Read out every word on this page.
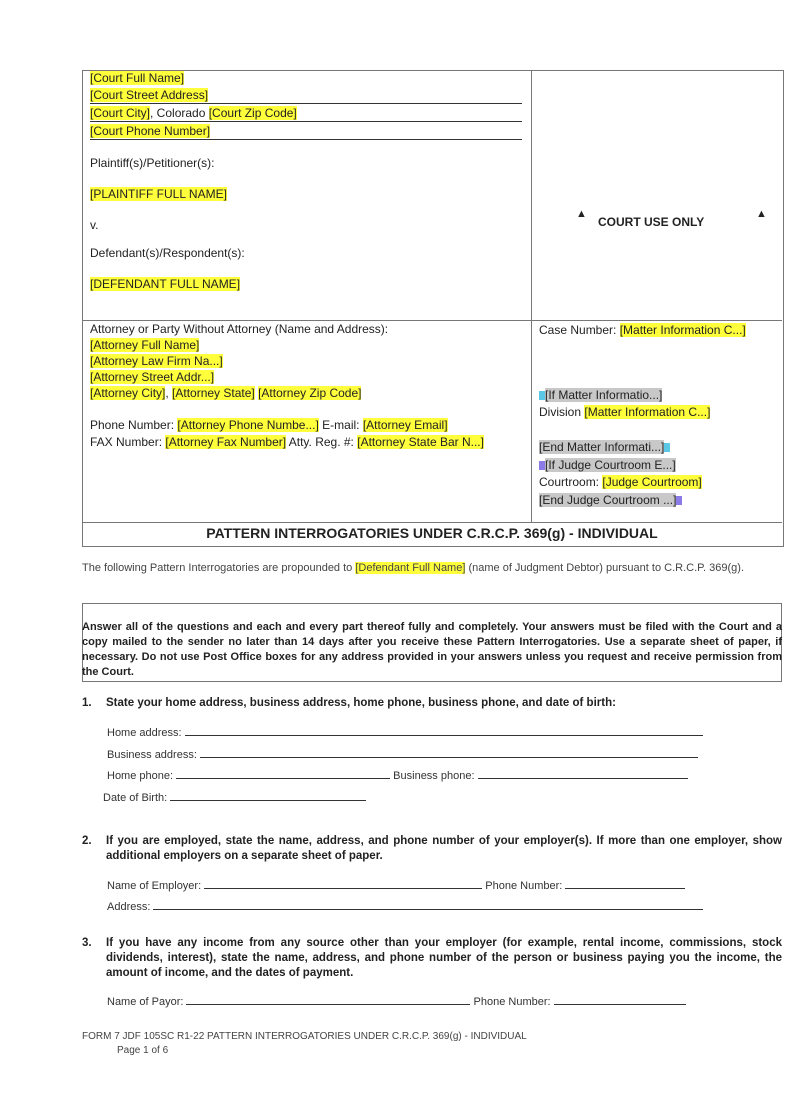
[Court Full Name]
[Court Street Address]
[Court City], Colorado [Court Zip Code]
[Court Phone Number]
Plaintiff(s)/Petitioner(s):
[PLAINTIFF FULL NAME]
v.
Defendant(s)/Respondent(s):
[DEFENDANT FULL NAME]
▲
COURT USE ONLY
▲
Attorney or Party Without Attorney (Name and Address):
[Attorney Full Name]
[Attorney Law Firm Na...]
[Attorney Street Addr...]
[Attorney City], [Attorney State] [Attorney Zip Code]
Phone Number: [Attorney Phone Numbe...] E-mail: [Attorney Email]
FAX Number: [Attorney Fax Number] Atty. Reg. #: [Attorney State Bar N...]
Case Number: [Matter Information C...]
[If Matter Informatio...]
Division [Matter Information C...]
[End Matter Informati...]
[If Judge Courtroom E...]
Courtroom: [Judge Courtroom]
[End Judge Courtroom ...]
PATTERN INTERROGATORIES UNDER C.R.C.P. 369(g) - INDIVIDUAL
The following Pattern Interrogatories are propounded to [Defendant Full Name] (name of Judgment Debtor) pursuant to C.R.C.P. 369(g).
Answer all of the questions and each and every part thereof fully and completely. Your answers must be filed with the Court and a copy mailed to the sender no later than 14 days after you receive these Pattern Interrogatories. Use a separate sheet of paper, if necessary. Do not use Post Office boxes for any address provided in your answers unless you request and receive permission from the Court.
1. State your home address, business address, home phone, business phone, and date of birth:
Home address:
Business address:
Home phone:	Business phone:
Date of Birth:
2. If you are employed, state the name, address, and phone number of your employer(s). If more than one employer, show additional employers on a separate sheet of paper.
Name of Employer:	Phone Number:
Address:
3. If you have any income from any source other than your employer (for example, rental income, commissions, stock dividends, interest), state the name, address, and phone number of the person or business paying you the income, the amount of income, and the dates of payment.
Name of Payor:	Phone Number:
FORM 7 JDF 105SC R1-22 PATTERN INTERROGATORIES UNDER C.R.C.P. 369(g) - INDIVIDUAL
Page 1 of 6
